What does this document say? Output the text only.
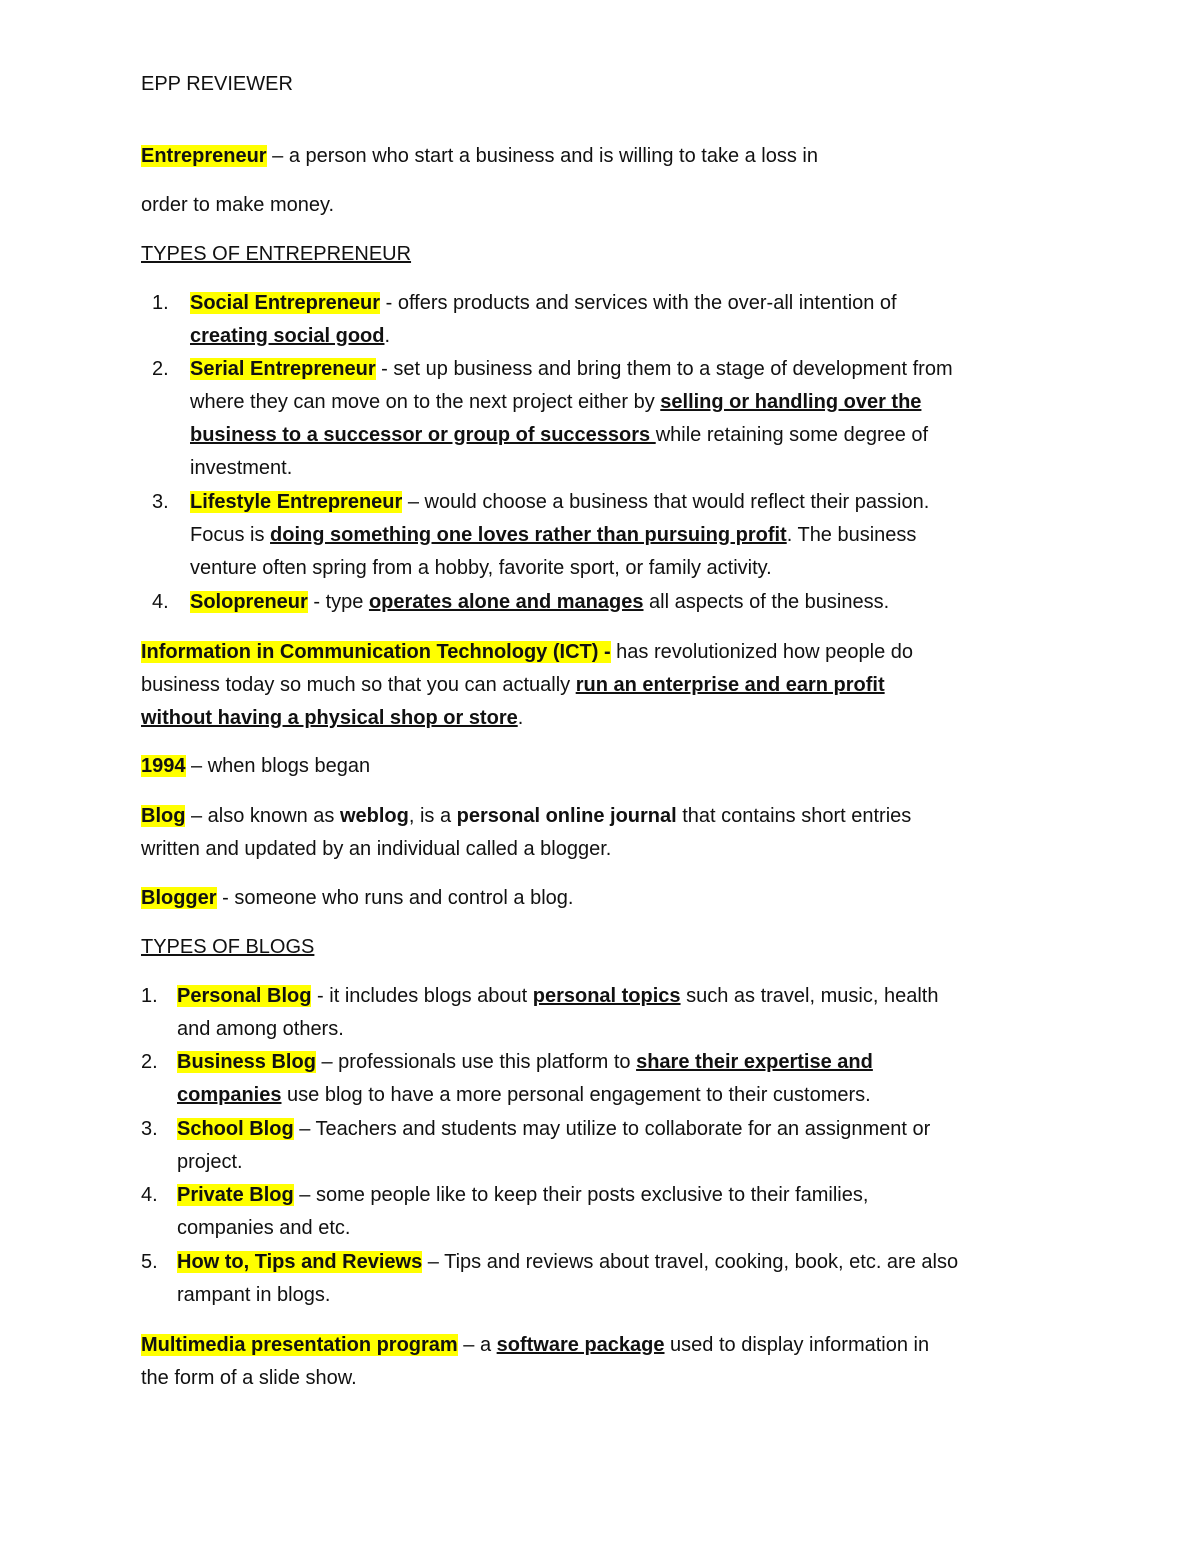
EPP REVIEWER
Entrepreneur – a person who start a business and is willing to take a loss in
order to make money.
TYPES OF ENTREPRENEUR
1. Social Entrepreneur - offers products and services with the over-all intention of
creating social good.
2. Serial Entrepreneur - set up business and bring them to a stage of development from
where they can move on to the next project either by selling or handling over the
business to a successor or group of successors while retaining some degree of
investment.
3. Lifestyle Entrepreneur – would choose a business that would reflect their passion.
Focus is doing something one loves rather than pursuing profit. The business
venture often spring from a hobby, favorite sport, or family activity.
4. Solopreneur - type operates alone and manages all aspects of the business.
Information in Communication Technology (ICT) - has revolutionized how people do
business today so much so that you can actually run an enterprise and earn profit
without having a physical shop or store.
1994 – when blogs began
Blog – also known as weblog, is a personal online journal that contains short entries
written and updated by an individual called a blogger.
Blogger - someone who runs and control a blog.
TYPES OF BLOGS
1. Personal Blog - it includes blogs about personal topics such as travel, music, health
and among others.
2. Business Blog – professionals use this platform to share their expertise and
companies use blog to have a more personal engagement to their customers.
3. School Blog – Teachers and students may utilize to collaborate for an assignment or
project.
4. Private Blog – some people like to keep their posts exclusive to their families,
companies and etc.
5. How to, Tips and Reviews – Tips and reviews about travel, cooking, book, etc. are also
rampant in blogs.
Multimedia presentation program – a software package used to display information in
the form of a slide show.
